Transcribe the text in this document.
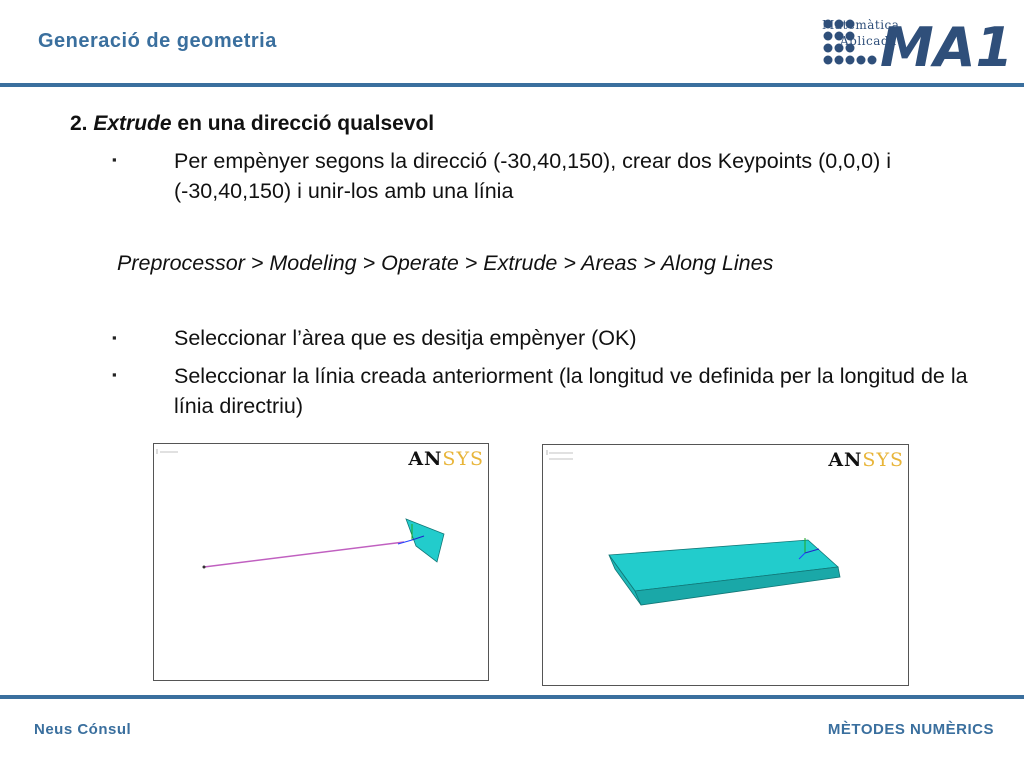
Generació de geometria	MA1
Matemàtica
Aplicada
2. Extrude en una direcció qualsevol
▪	Per empènyer segons la direcció (-30,40,150), crear dos Keypoints (0,0,0) i (-30,40,150) i unir-los amb una línia
Preprocessor > Modeling > Operate > Extrude > Areas > Along Lines
▪	Seleccionar l’àrea que es desitja empènyer (OK)
▪	Seleccionar la línia creada anteriorment (la longitud ve definida per la longitud de la línia directriu)
ANSYS	ANSYS
Neus Cónsul	MÈTODES NUMÈRICS
